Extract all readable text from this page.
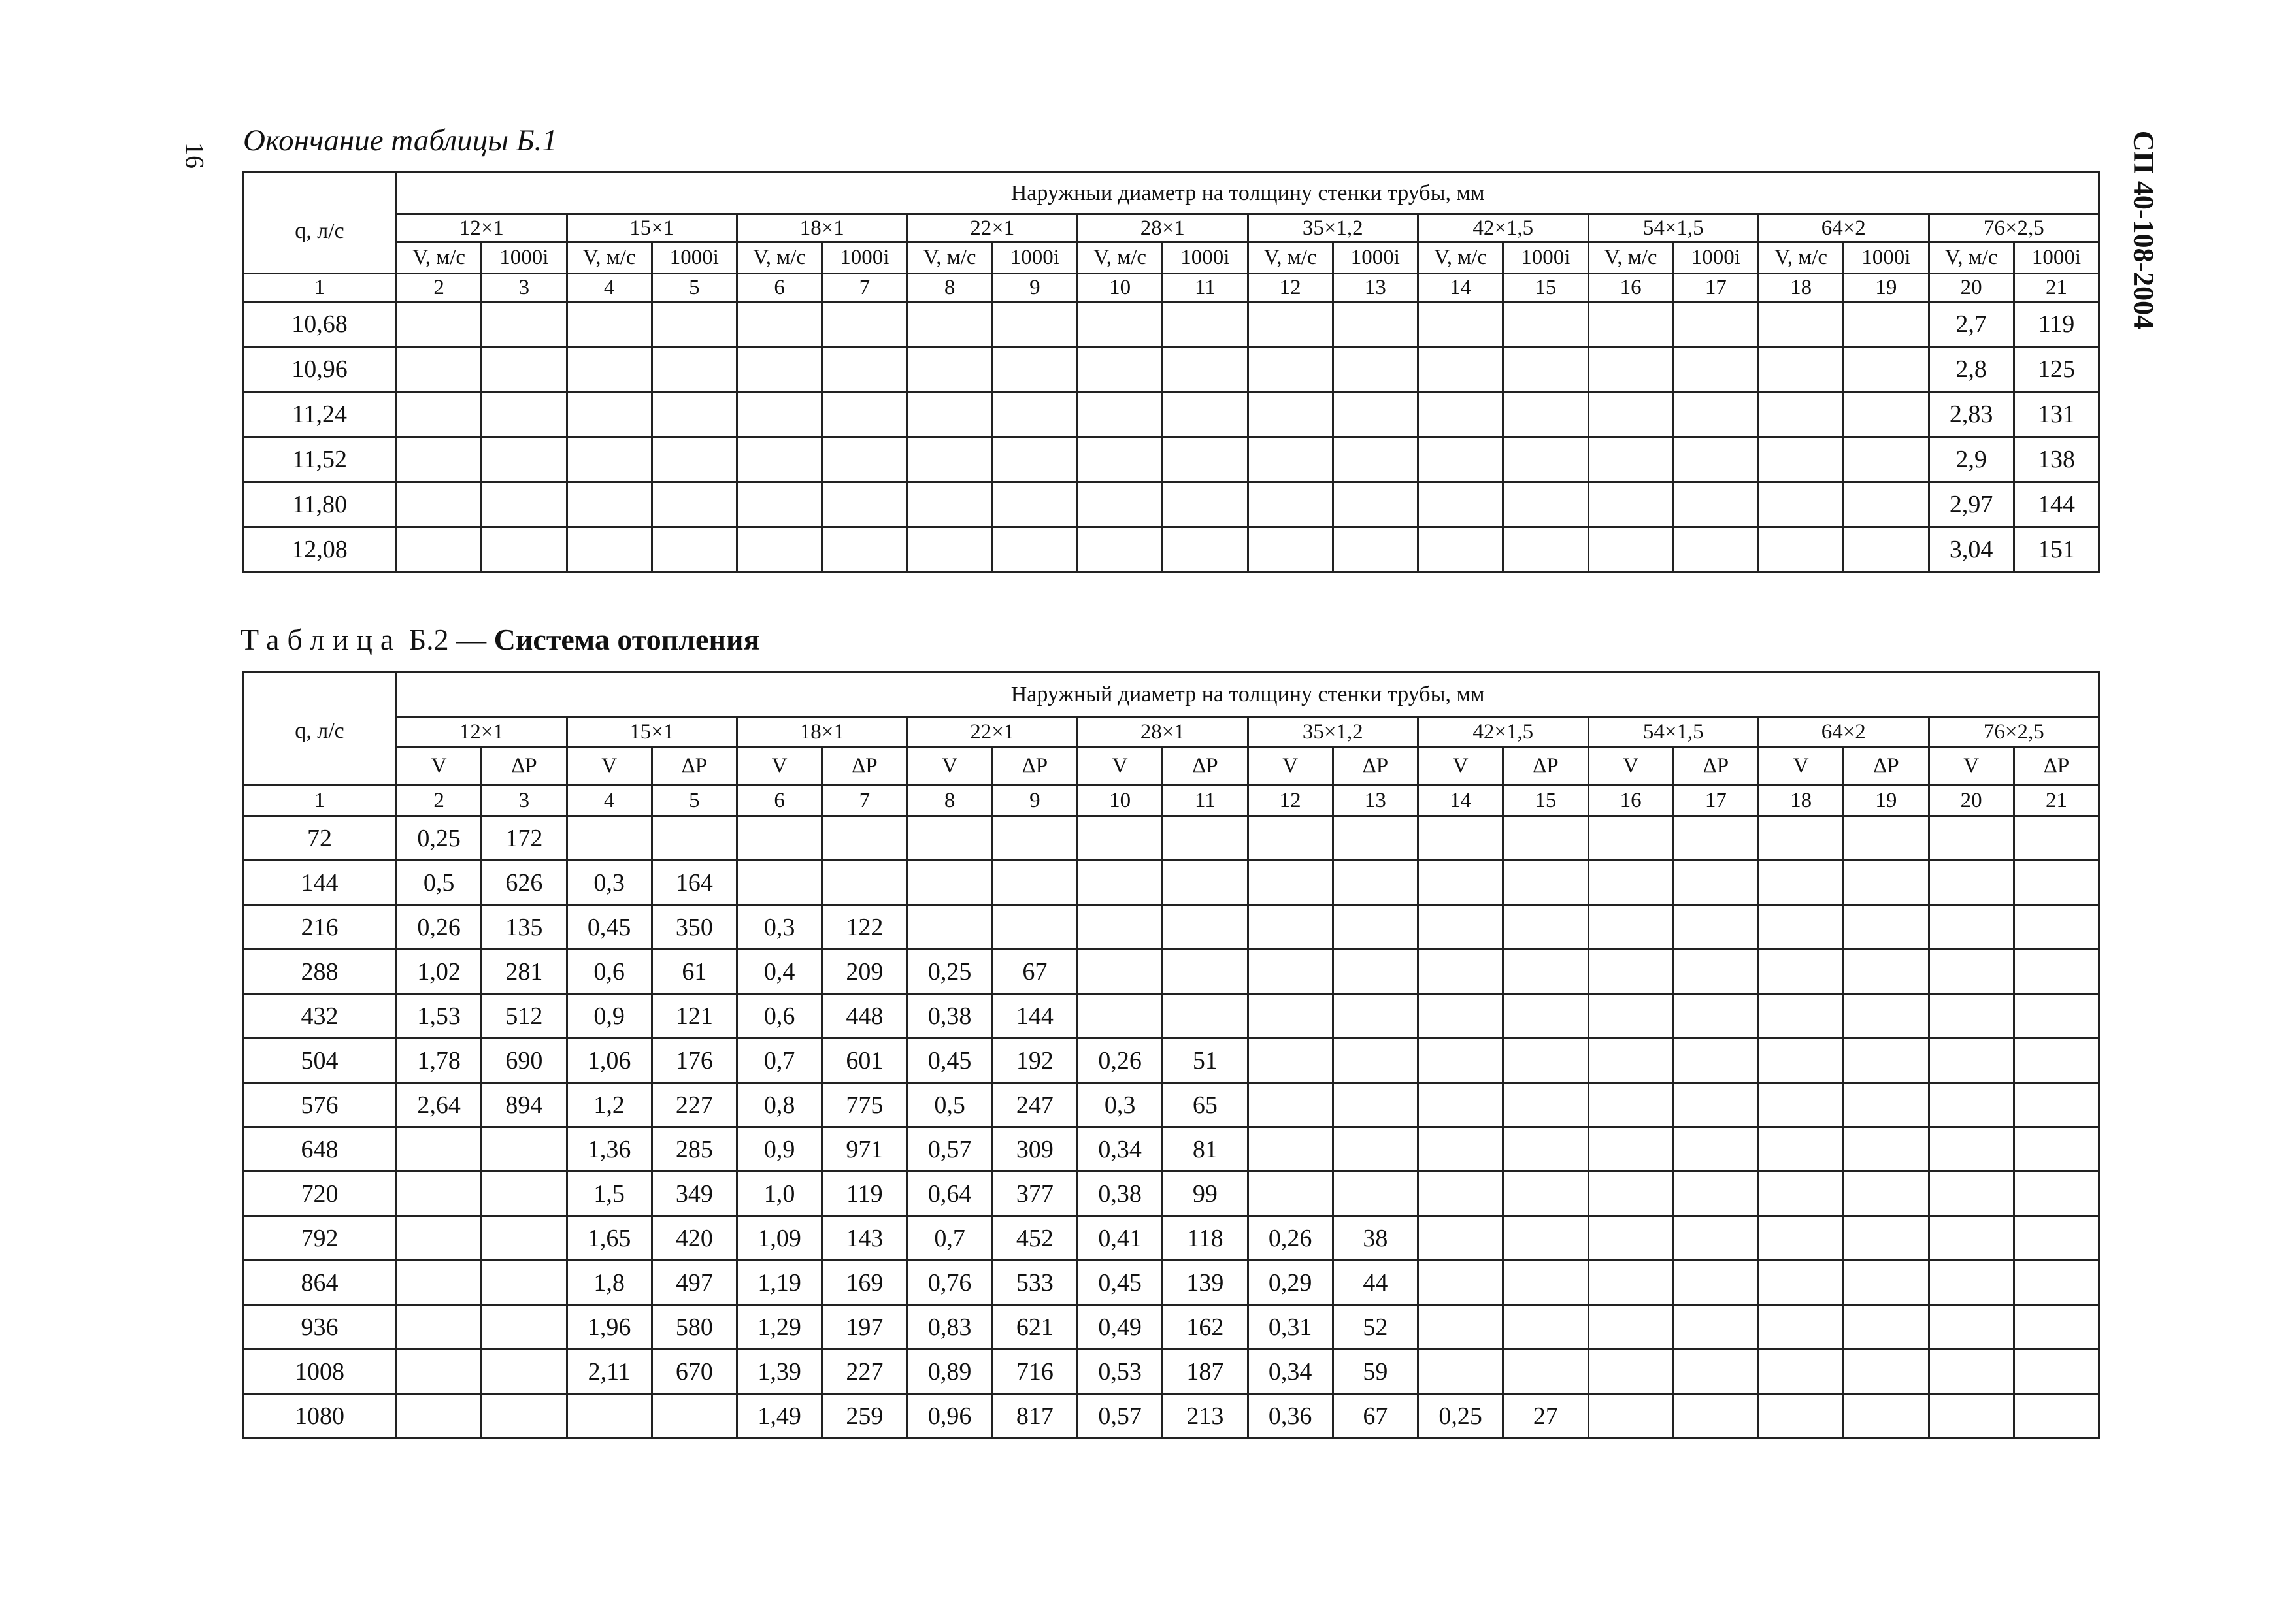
16 Окончание таблицы Б.1	СП 40-108-2004
q, л/с	Наружныи диаметр на толщину стенки трубы, мм																			
	12×1		15×1		18×1		22×1		28×1		35×1,2		42×1,5		54×1,5		64×2		76×2,5	
	V, м/с	1000i	V, м/с	1000i	V, м/с	1000i	V, м/с	1000i	V, м/с	1000i	V, м/с	1000i	V, м/с	1000i	V, м/с	1000i	V, м/с	1000i	V, м/с	1000i
1	2	3	4	5	6	7	8	9	10	11	12	13	14	15	16	17	18	19	20	21
10,68																			2,7	119
10,96																			2,8	125
11,24																			2,83	131
11,52																			2,9	138
11,80																			2,97	144
12,08																			3,04	151
Таблица Б.2 — Система отопления
q, л/с	Наружный диаметр на толщину стенки трубы, мм																			
	12×1		15×1		18×1		22×1		28×1		35×1,2		42×1,5		54×1,5		64×2		76×2,5	
	V	ΔP	V	ΔP	V	ΔP	V	ΔP	V	ΔP	V	ΔP	V	ΔP	V	ΔP	V	ΔP	V	ΔP
1	2	3	4	5	6	7	8	9	10	11	12	13	14	15	16	17	18	19	20	21
72	0,25	172																		
144	0,5	626	0,3	164																
216	0,26	135	0,45	350	0,3	122														
288	1,02	281	0,6	61	0,4	209	0,25	67												
432	1,53	512	0,9	121	0,6	448	0,38	144												
504	1,78	690	1,06	176	0,7	601	0,45	192	0,26	51										
576	2,64	894	1,2	227	0,8	775	0,5	247	0,3	65										
648			1,36	285	0,9	971	0,57	309	0,34	81										
720			1,5	349	1,0	119	0,64	377	0,38	99										
792			1,65	420	1,09	143	0,7	452	0,41	118	0,26	38								
864			1,8	497	1,19	169	0,76	533	0,45	139	0,29	44								
936			1,96	580	1,29	197	0,83	621	0,49	162	0,31	52								
1008			2,11	670	1,39	227	0,89	716	0,53	187	0,34	59								
1080					1,49	259	0,96	817	0,57	213	0,36	67	0,25	27						
